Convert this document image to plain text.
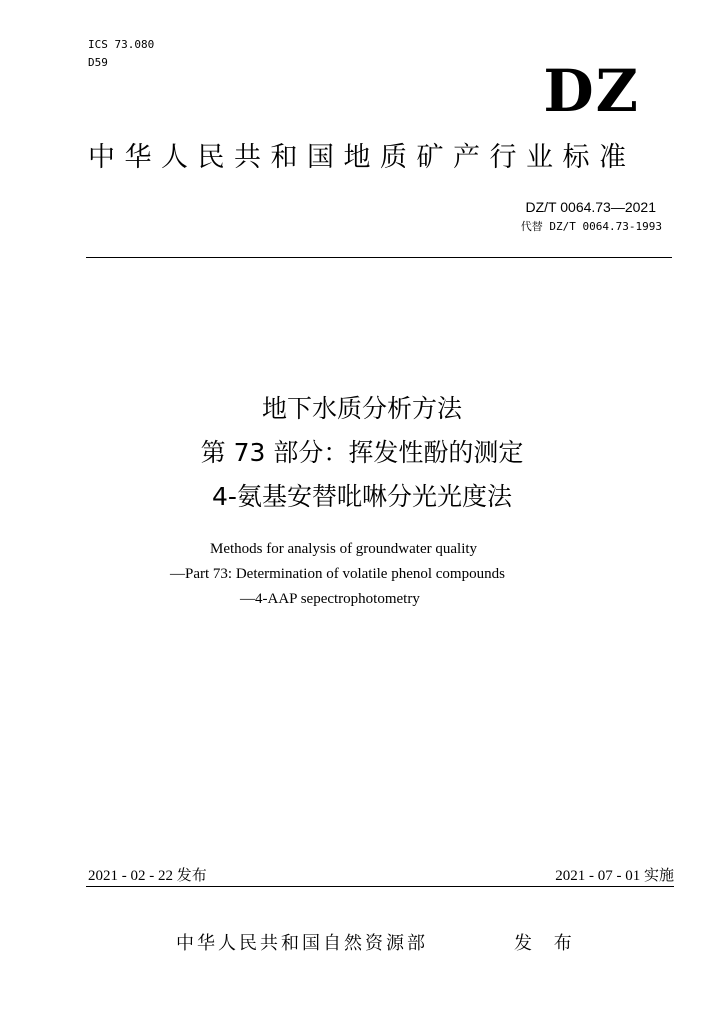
ICS 73.080
D59	DZ
中华人民共和国地质矿产行业标准
DZ/T 0064.73—2021
代替 DZ/T 0064.73-1993
地下水质分析方法
第 73 部分：挥发性酚的测定
4-氨基安替吡啉分光光度法
Methods for analysis of groundwater quality
—Part 73: Determination of volatile phenol compounds
—4-AAP sepectrophotometry
2021 - 02 - 22 发布	2021 - 07 - 01 实施
中华人民共和国自然资源部	发 布
